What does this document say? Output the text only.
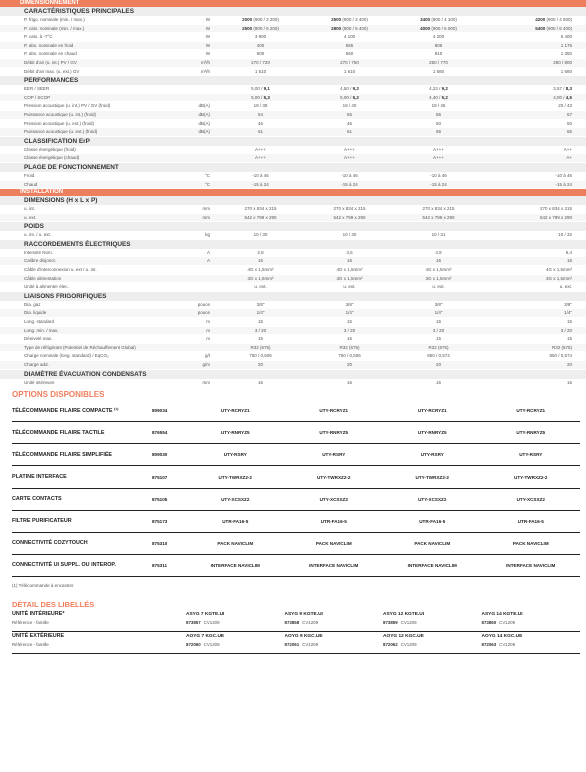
DIMENSIONNEMENT
CARACTÉRISTIQUES PRINCIPALES
P. frigo. nominale (min. / max.)	W	2000 (900 / 3 200)	2500 (900 / 3 400)	3400 (900 / 4 100)	4200 (900 / 4 500)
P. calo. nominale (min. / max.)	W	2500 (900 / 5 200)	2800 (900 / 5 400)	4000 (900 / 6 000)	5400 (900 / 6 400)
P. calo. à -7°C	W	3 900	4 100	4 200	6 400
P. abs. nominale en froid	W	400	555	805	1 175
P. abs. nominale en chaud	W	500	560	910	1 350
Débit d'air (u. int.) PV / GV	m³/h	270 / 720	270 / 750	250 / 770	280 / 800
Débit d'air max. (u. ext.) GV	m³/h	1 610	1 610	1 680	1 680
PERFORMANCES
EER / SEER	5,00 / 9,1	4,50 / 9,2	4,22 / 9,2	3,57 / 8,3
COP / SCOP	5,00 / 5,3	5,00 / 5,2	4,40 / 5,2	4,00 / 4,5
Pression acoustique (u. int.) PV / GV (froid)	dB(A)	19 / 38	19 / 40	19 / 45	20 / 43
Puissance acoustique (u. int.) (froid)	dB(A)	54	55	56	57
Pression acoustique (u. ext.) (froid)	dB(A)	46	46	50	50
Puissance acoustique (u. ext.) (froid)	dB(A)	61	61	65	65
CLASSIFICATION ErP
Classe énergétique (froid)	A+++	A+++	A+++	A++
Classe énergétique (chaud)	A+++	A+++	A+++	A+
PLAGE DE FONCTIONNEMENT
Froid	°C	-10 à 46	-10 à 46	-10 à 46	-10 à 46
Chaud	°C	-15 à 24	-15 à 24	-15 à 24	-15 à 24
INSTALLATION
DIMENSIONS (H x L x P)
u. int.	mm	270 x 834 x 215	270 x 834 x 215	270 x 834 x 215	270 x 834 x 215
u. ext.	mm	542 x 799 x 290	542 x 799 x 290	542 x 799 x 290	542 x 799 x 290
POIDS
u. int. / u. ext.	kg	10 / 30	10 / 30	10 / 31	10 / 32
RACCORDEMENTS ÉLECTRIQUES
Intensité Nom.	A	2,8	3,5	4,8	6,4
Calibre disjonct.	A	16	16	16	16
Câble d'interconnexion u. ext / u. int.	4G x 1,5mm²	4G x 1,5mm²	4G x 1,5mm²	4G x 1,5mm²
Câble alimentation	3G x 1,5mm²	3G x 1,5mm²	3G x 1,5mm²	3G x 1,5mm²
Unité à alimenter élec.	u. ext.	u. ext.	u. ext.	u. ext.
LIAISONS FRIGORIFIQUES
Dia. gaz	pouce	3/8"	3/8"	3/8"	3/8"
Dia. liquide	pouce	1/4"	1/4"	1/4"	1/4"
Long. standard	m	15	15	15	15
Long. min. / max.	m	3 / 20	3 / 20	3 / 20	3 / 20
Dénivelé max.	m	15	15	15	15
Type de réfrigérant (Potentiel de Réchauffement Global)	R32 (675)	R32 (675)	R32 (675)	R32 (675)
Charge nominale (long. standard) / EqCO₂	g/t	750 / 0,506	750 / 0,506	850 / 0,574	850 / 0,574
Charge add.	g/m	20	20	20	20
DIAMÈTRE ÉVACUATION CONDENSATS
Unité intérieure	mm	16	16	16	16
OPTIONS DISPONIBLES
TÉLÉCOMMANDE FILAIRE COMPACTE ⁽¹⁾	809034	UTY-RCRYZ1	UTY-RCRYZ1	UTY-RCRYZ1	UTY-RCRYZ1
TÉLÉCOMMANDE FILAIRE TACTILE	876554	UTY-RNRYZ5	UTY-RNRYZ5	UTY-RNRYZ5	UTY-RNRYZ5
TÉLÉCOMMANDE FILAIRE SIMPLIFIÉE	809030	UTY-RSRY	UTY-RSRY	UTY-RSRY	UTY-RSRY
PLATINE INTERFACE	875107	UTY-TWRXZ2-2	UTY-TWRXZ2-2	UTY-TWRXZ2-2	UTY-TWRXZ2-2
CARTE CONTACTS	875105	UTY-XCSXZ2	UTY-XCSXZ2	UTY-XCSXZ2	UTY-XCSXZ2
FILTRE PURIFICATEUR	875173	UTR-FA16-5	UTR-FA16-5	UTR-FA16-5	UTR-FA16-5
CONNECTIVITÉ COZYTOUCH	875310	PACK NAVICLIM	PACK NAVICLIM	PACK NAVICLIM	PACK NAVICLIM
CONNECTIVITÉ UI SUPPL. OU INTEROP.	875311	INTERFACE NAVICLIM	INTERFACE NAVICLIM	INTERFACE NAVICLIM	INTERFACE NAVICLIM
(1) Télécommande à encastrer
DÉTAIL DES LIBELLÉS
UNITÉ INTÉRIEURE*	ASYG 7 KGTE.UI	ASYG 9 KGTE.UI	ASYG 12 KGTE.UI	ASYG 14 KGTE.UI
Référence - famille	873857 CV1209	873858 CV1209	873859 CV1209	873860 CV1209
UNITÉ EXTÉRIEURE	AOYG 7 KGC.UE	AOYG 9 KGC.UE	AOYG 12 KGC.UE	AOYG 14 KGC.UE
Référence - famille	872060 CV1209	872061 CV1209	872062 CV1209	872063 CV1209
